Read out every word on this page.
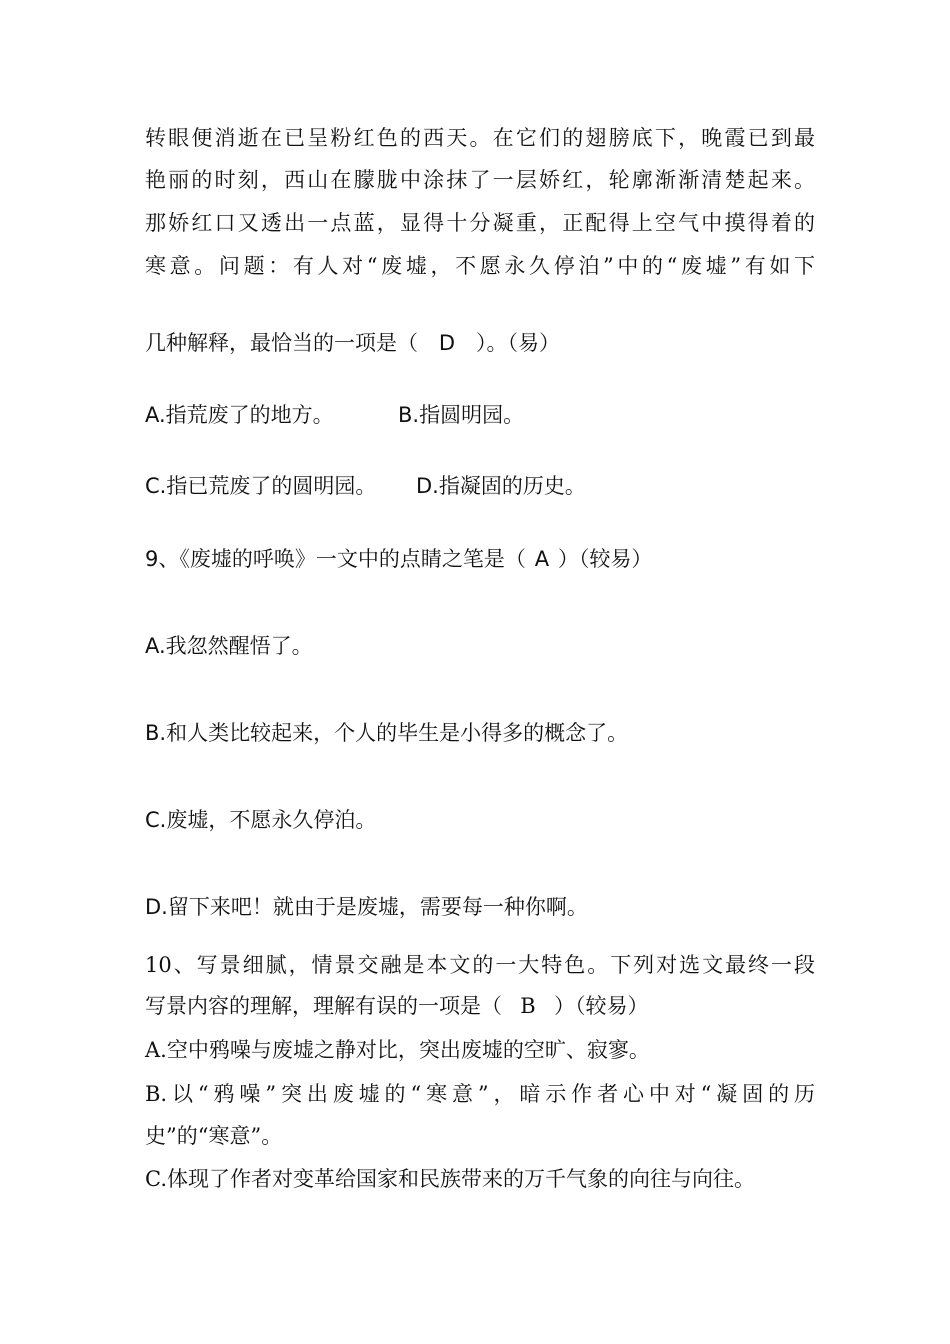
转眼便消逝在已呈粉红色的西天。在它们的翅膀底下，晚霞已到最
艳丽的时刻，西山在朦胧中涂抹了一层娇红，轮廓渐渐清楚起来。
那娇红口又透出一点蓝，显得十分凝重，正配得上空气中摸得着的
寒意。问题：有人对“废墟，不愿永久停泊”中的“废墟”有如下
几种解释，最恰当的一项是（ D ）。（易）
A.指荒废了的地方。	B.指圆明园。
C.指已荒废了的圆明园。	D.指凝固的历史。
9、《废墟的呼唤》一文中的点睛之笔是（ A ）（较易）
A.我忽然醒悟了。
B.和人类比较起来，个人的毕生是小得多的概念了。
C.废墟，不愿永久停泊。
D.留下来吧！就由于是废墟，需要每一种你啊。
10、写景细腻，情景交融是本文的一大特色。下列对选文最终一段
写景内容的理解，理解有误的一项是（ B ）（较易）
A.空中鸦噪与废墟之静对比，突出废墟的空旷、寂寥。
B.以“鸦噪”突出废墟的“寒意”，暗示作者心中对“凝固的历
史”的“寒意”。
C.体现了作者对变革给国家和民族带来的万千气象的向往与向往。
